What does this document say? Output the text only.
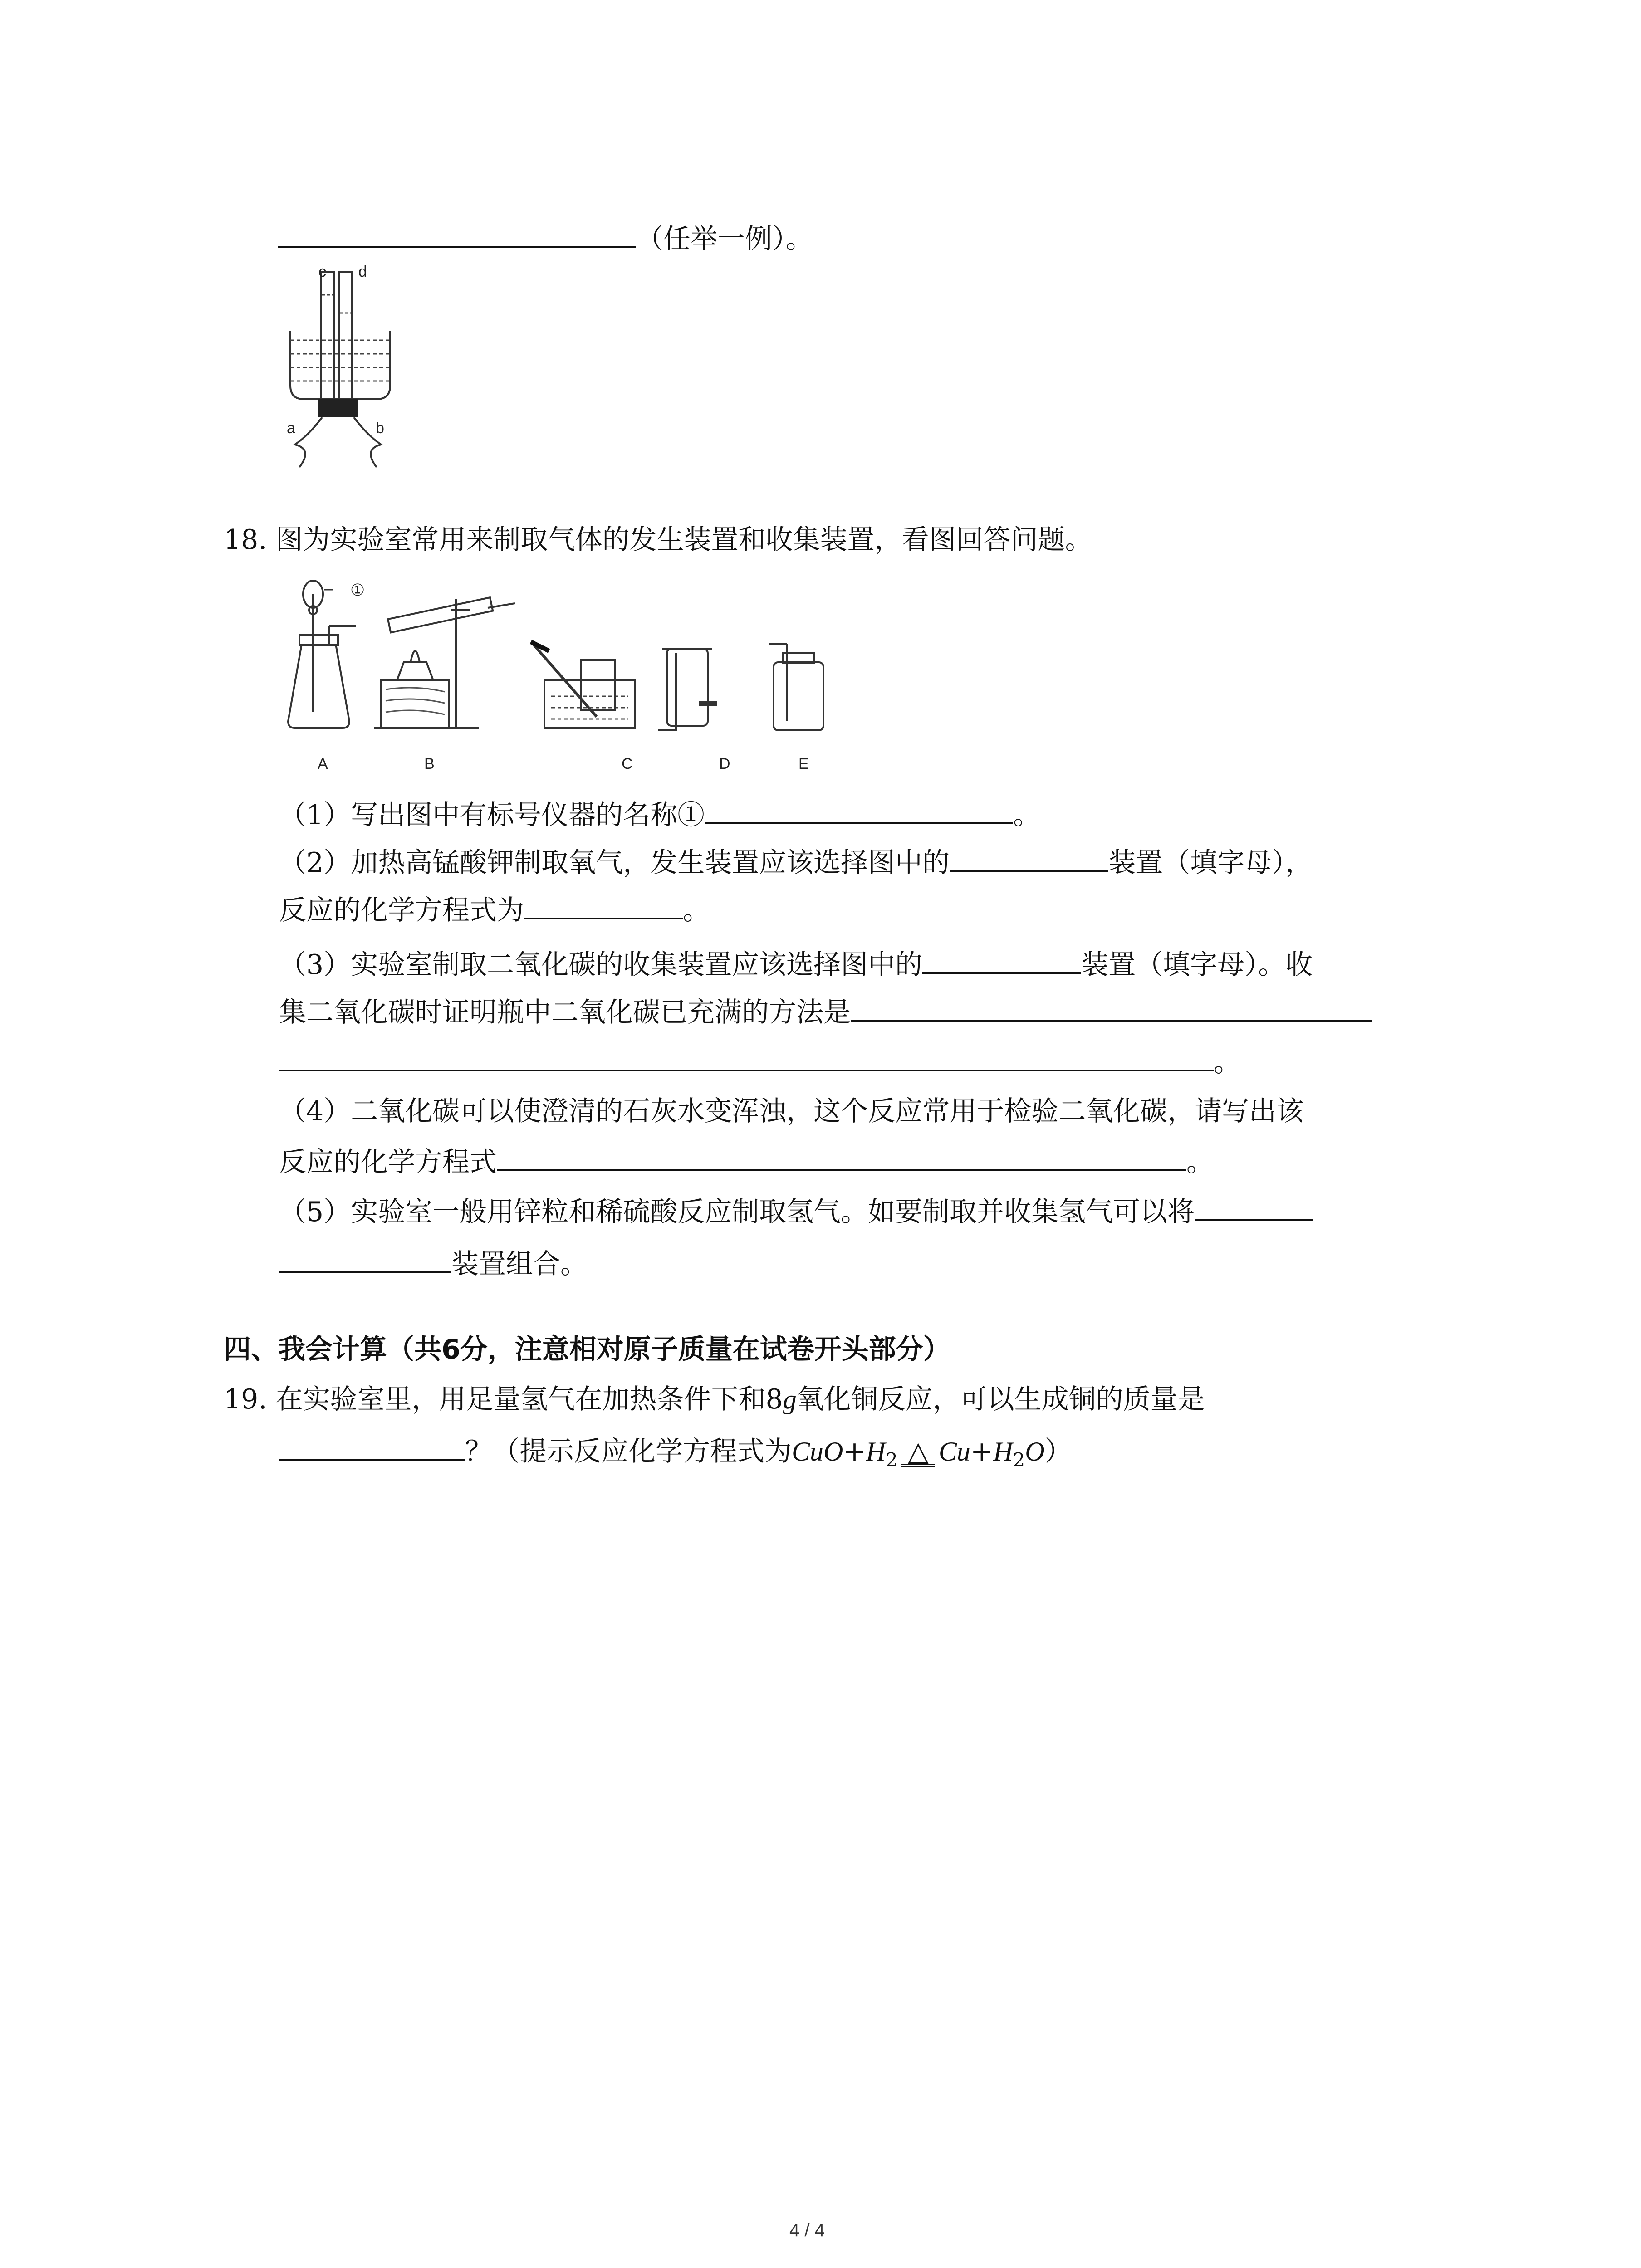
（任举一例）。
c d
a	b
18. 图为实验室常用来制取气体的发生装置和收集装置，看图回答问题。
①
A	B	C	D	E
（1）写出图中有标号仪器的名称①	。
（2）加热高锰酸钾制取氧气，发生装置应该选择图中的	装置（填字母），
反应的化学方程式为	。
（3）实验室制取二氧化碳的收集装置应该选择图中的	装置（填字母）。收
集二氧化碳时证明瓶中二氧化碳已充满的方法是
。
（4）二氧化碳可以使澄清的石灰水变浑浊，这个反应常用于检验二氧化碳，请写出该
反应的化学方程式	。
（5）实验室一般用锌粒和稀硫酸反应制取氢气。如要制取并收集氢气可以将
装置组合。
四、我会计算（共6分，注意相对原子质量在试卷开头部分）
19. 在实验室里，用足量氢气在加热条件下和8g氧化铜反应，可以生成铜的质量是
？（提示反应化学方程式为$CuO+H_2$ △ $Cu+H_2O$）
4 / 4
